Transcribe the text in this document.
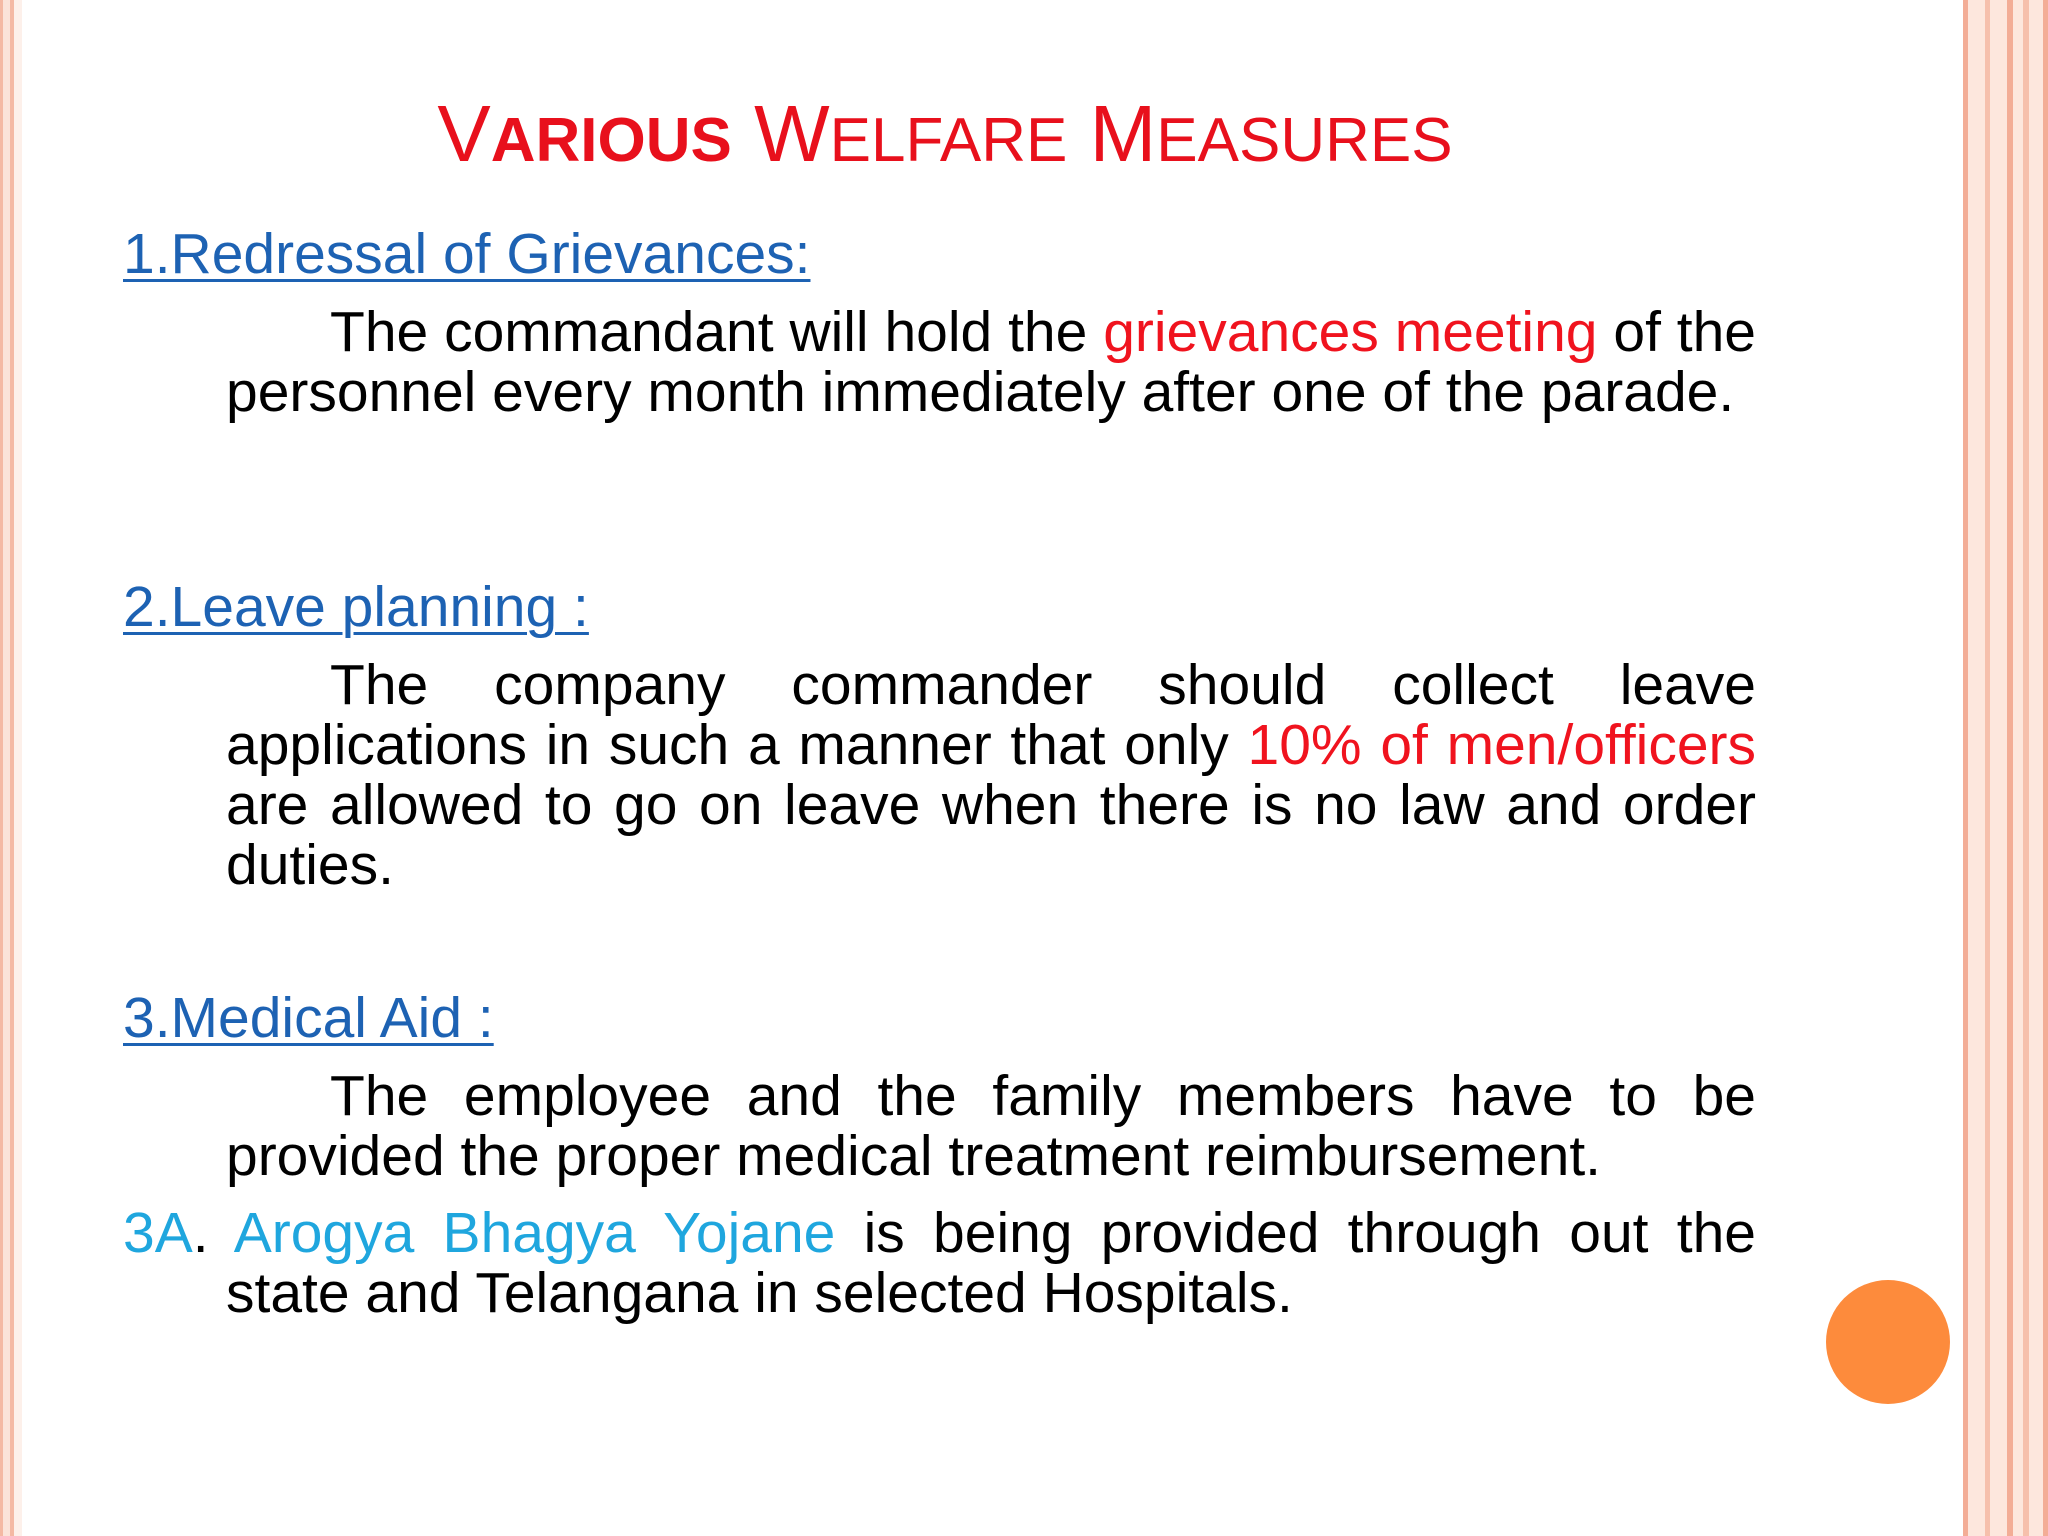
VARIOUS WELFARE MEASURES
1.Redressal of Grievances:
The commandant will hold the grievances meeting of the personnel every month immediately after one of the parade.
2.Leave planning :
The company commander should collect leave applications in such a manner that only 10% of men/officers are allowed to go on leave when there is no law and order duties.
3.Medical Aid :
The employee and the family members have to be provided the proper medical treatment reimbursement.
3A. Arogya Bhagya Yojane is being provided through out the state and Telangana in selected Hospitals.
